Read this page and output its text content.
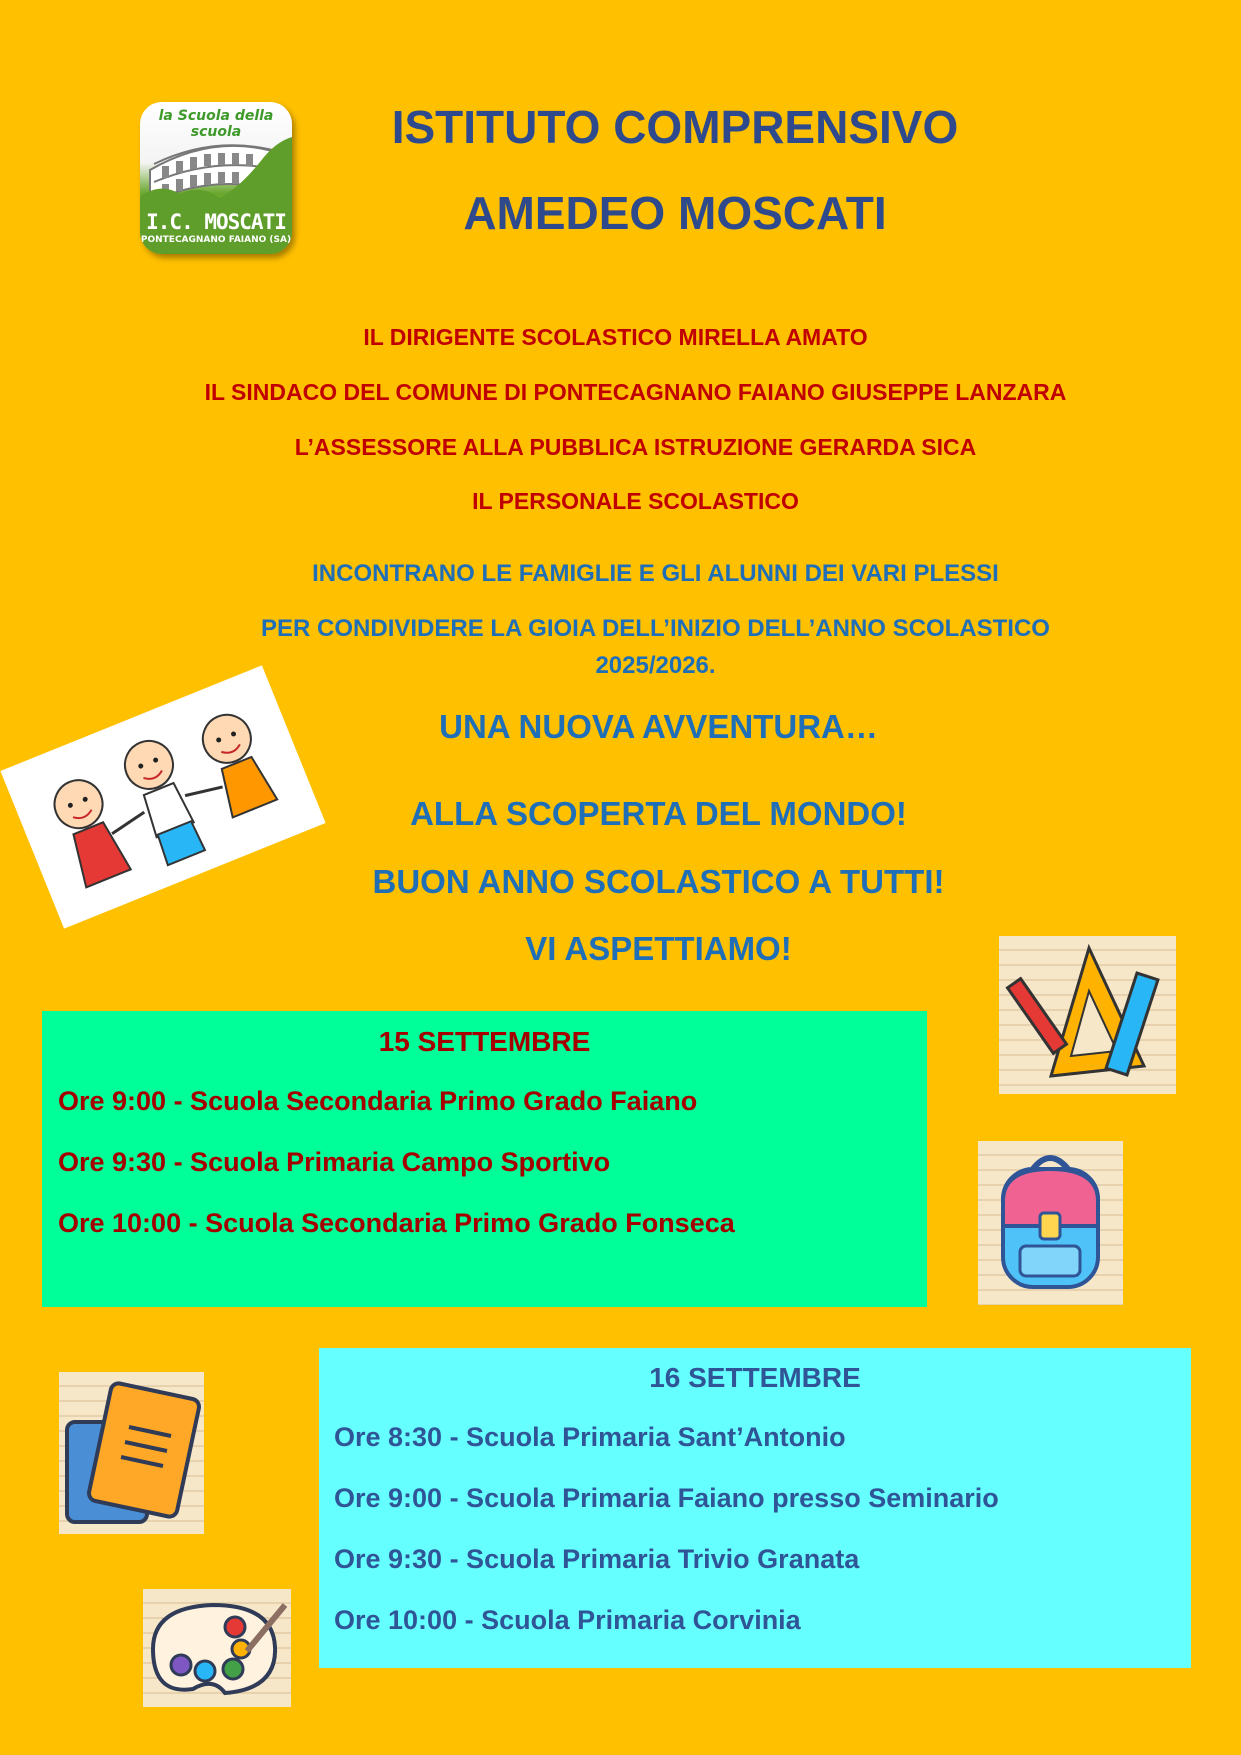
la Scuola della scuola
I.C. MOSCATI
PONTECAGNANO FAIANO (SA)
ISTITUTO COMPRENSIVO
AMEDEO MOSCATI
IL DIRIGENTE SCOLASTICO MIRELLA AMATO
IL SINDACO DEL COMUNE DI PONTECAGNANO FAIANO GIUSEPPE LANZARA
L’ASSESSORE ALLA PUBBLICA ISTRUZIONE GERARDA SICA
IL PERSONALE SCOLASTICO
INCONTRANO LE FAMIGLIE E GLI ALUNNI DEI VARI PLESSI
PER CONDIVIDERE LA GIOIA DELL’INIZIO DELL’ANNO SCOLASTICO
2025/2026.
UNA NUOVA AVVENTURA…
ALLA SCOPERTA DEL MONDO!
BUON ANNO SCOLASTICO A TUTTI!
VI ASPETTIAMO!
15 SETTEMBRE
Ore 9:00 - Scuola Secondaria Primo Grado Faiano
Ore 9:30 - Scuola Primaria Campo Sportivo
Ore 10:00 - Scuola Secondaria Primo Grado Fonseca
16 SETTEMBRE
Ore 8:30 - Scuola Primaria Sant’Antonio
Ore 9:00 - Scuola Primaria Faiano presso Seminario
Ore 9:30 - Scuola Primaria Trivio Granata
Ore 10:00 - Scuola Primaria Corvinia
